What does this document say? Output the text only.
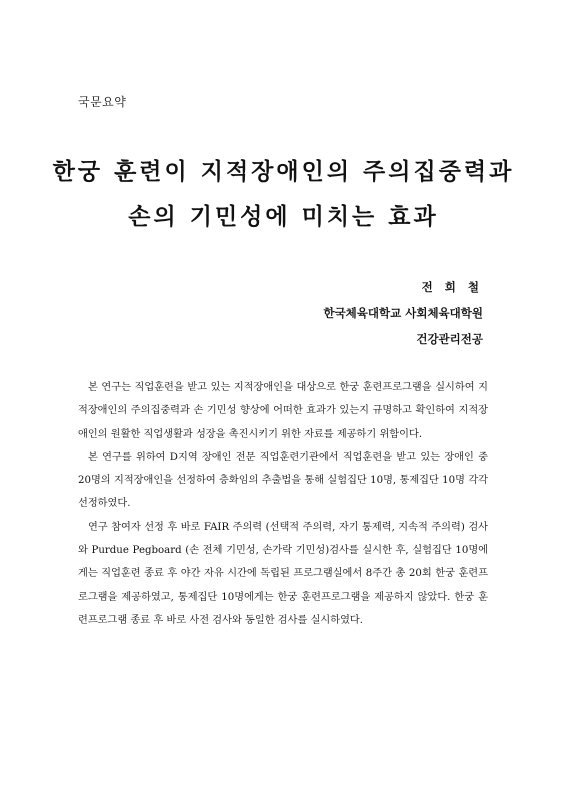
국문요약
한궁 훈련이 지적장애인의 주의집중력과
손의 기민성에 미치는 효과
전 희 철
한국체육대학교 사회체육대학원
건강관리전공

본 연구는 직업훈련을 받고 있는 지적장애인을 대상으로 한궁 훈련프로그램을 실시하여 지적장애인의 주의집중력과 손 기민성 향상에 어떠한 효과가 있는지 규명하고 확인하여 지적장애인의 원활한 직업생활과 성장을 촉진시키기 위한 자료를 제공하기 위함이다.

본 연구를 위하여 D지역 장애인 전문 직업훈련기관에서 직업훈련을 받고 있는 장애인 중 20명의 지적장애인을 선정하여 층화임의 추출법을 통해 실험집단 10명, 통제집단 10명 각각 선정하였다.

연구 참여자 선정 후 바로 FAIR 주의력 (선택적 주의력, 자기 통제력, 지속적 주의력) 검사와 Purdue Pegboard (손 전체 기민성, 손가락 기민성)검사를 실시한 후, 실험집단 10명에게는 직업훈련 종료 후 야간 자유 시간에 독립된 프로그램실에서 8주간 총 20회 한궁 훈련프로그램을 제공하였고, 통제집단 10명에게는 한궁 훈련프로그램을 제공하지 않았다. 한궁 훈련프로그램 종료 후 바로 사전 검사와 동일한 검사를 실시하였다.
